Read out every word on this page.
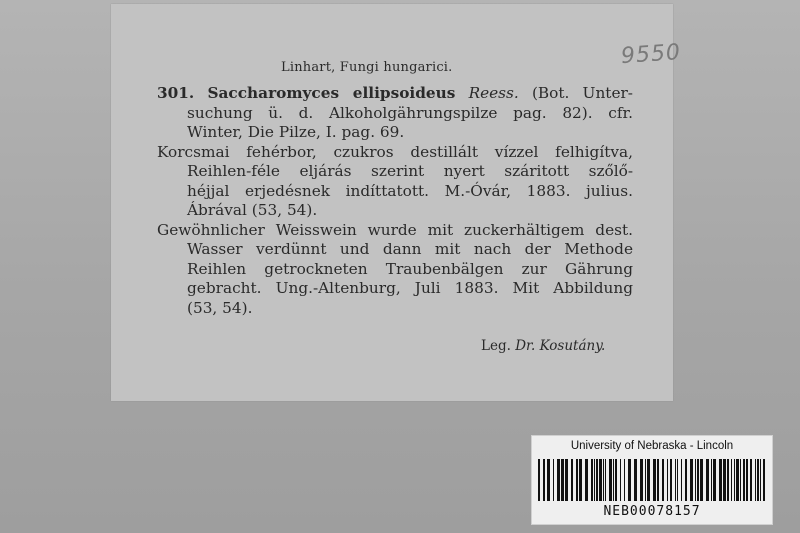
Linhart, Fungi hungarici.	9550
301. Saccharomyces ellipsoideus Reess. (Bot. Unter-
suchung ü. d. Alkoholgährungspilze pag. 82). cfr.
Winter, Die Pilze, I. pag. 69.
Korcsmai fehérbor, czukros destillált vízzel felhigítva,
Reihlen-féle eljárás szerint nyert száritott szőlő-
héjjal erjedésnek indíttatott. M.-Óvár, 1883. julius.
Ábrával (53, 54).
Gewöhnlicher Weisswein wurde mit zuckerhältigem dest.
Wasser verdünnt und dann mit nach der Methode
Reihlen getrockneten Traubenbälgen zur Gährung
gebracht. Ung.-Altenburg, Juli 1883. Mit Abbildung
(53, 54).
Leg. Dr. Kosutány.
University of Nebraska - Lincoln
NEB00078157
